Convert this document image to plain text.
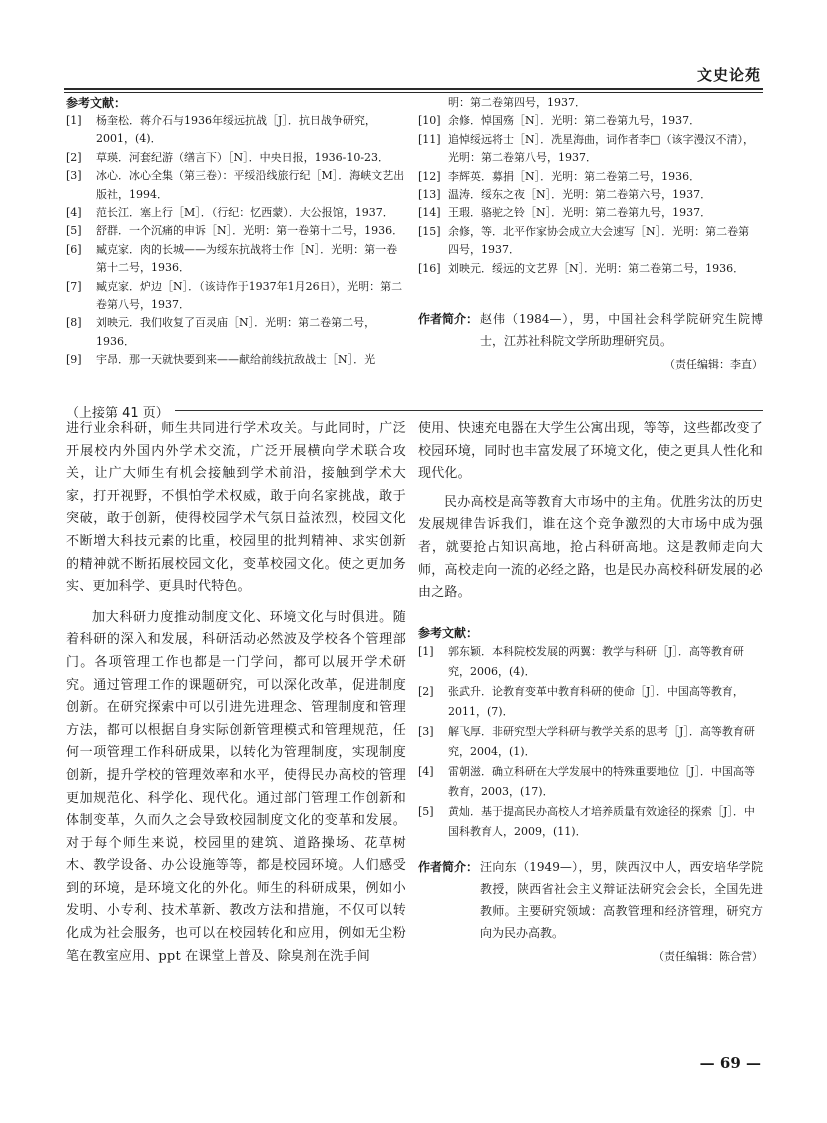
文史论苑
参考文献：
[1] 杨奎松．蒋介石与1936年绥远抗战［J］．抗日战争研究，2001，(4)．
[2] 草瑛．河套纪游（缮言下）［N］．中央日报，1936-10-23．
[3] 冰心．冰心全集（第三卷）：平绥沿线旅行纪［M］．海峡文艺出版社，1994．
[4] 范长江．塞上行［M］．（行纪：忆西蒙）．大公报馆，1937．
[5] 舒群．一个沉痛的申诉［N］．光明：第一卷第十二号，1936．
[6] 臧克家．肉的长城——为绥东抗战将士作［N］．光明：第一卷第十二号，1936．
[7] 臧克家．炉边［N］．（该诗作于1937年1月26日），光明：第二卷第八号，1937．
[8] 刘映元．我们收复了百灵庙［N］．光明：第二卷第二号，1936．
[9] 宇昂．那一天就快要到来——献给前线抗敌战士［N］．光
明：第二卷第四号，1937．
[10] 余修．悼国殇［N］．光明：第二卷第九号，1937．
[11] 追悼绥远将士［N］．冼星海曲，词作者李□（该字漫汉不清），光明：第二卷第八号，1937．
[12] 李辉英．募捐［N］．光明：第二卷第二号，1936．
[13] 温涛．绥东之夜［N］．光明：第二卷第六号，1937．
[14] 王瑕．骆驼之铃［N］．光明：第二卷第九号，1937．
[15] 余修，等．北平作家协会成立大会速写［N］．光明：第二卷第四号，1937．
[16] 刘映元．绥远的文艺界［N］．光明：第二卷第二号，1936．
作者简介： 赵伟（1984—），男，中国社会科学院研究生院博士，江苏社科院文学所助理研究员。
（责任编辑：李直）
（上接第 41 页）

进行业余科研，师生共同进行学术攻关。与此同时，广泛开展校内外国内外学术交流，广泛开展横向学术联合攻关，让广大师生有机会接触到学术前沿，接触到学术大家，打开视野，不惧怕学术权威，敢于向名家挑战，敢于突破，敢于创新，使得校园学术气氛日益浓烈，校园文化不断增大科技元素的比重，校园里的批判精神、求实创新的精神就不断拓展校园文化，变革校园文化。使之更加务实、更加科学、更具时代特色。

加大科研力度推动制度文化、环境文化与时俱进。随着科研的深入和发展，科研活动必然波及学校各个管理部门。各项管理工作也都是一门学问，都可以展开学术研究。通过管理工作的课题研究，可以深化改革，促进制度创新。在研究探索中可以引进先进理念、管理制度和管理方法，都可以根据自身实际创新管理模式和管理规范，任何一项管理工作科研成果，以转化为管理制度，实现制度创新，提升学校的管理效率和水平，使得民办高校的管理更加规范化、科学化、现代化。通过部门管理工作创新和体制变革，久而久之会导致校园制度文化的变革和发展。对于每个师生来说，校园里的建筑、道路操场、花草树木、教学设备、办公设施等等，都是校园环境。人们感受到的环境，是环境文化的外化。师生的科研成果，例如小发明、小专利、技术革新、教改方法和措施，不仅可以转化成为社会服务，也可以在校园转化和应用，例如无尘粉笔在教室应用、ppt 在课堂上普及、除臭剂在洗手间

使用、快速充电器在大学生公寓出现，等等，这些都改变了校园环境，同时也丰富发展了环境文化，使之更具人性化和现代化。

民办高校是高等教育大市场中的主角。优胜劣汰的历史发展规律告诉我们，谁在这个竞争激烈的大市场中成为强者，就要抢占知识高地，抢占科研高地。这是教师走向大师，高校走向一流的必经之路，也是民办高校科研发展的必由之路。

参考文献：
[1] 郭东颖．本科院校发展的两翼：教学与科研［J］．高等教育研究，2006，(4)．
[2] 张武升．论教育变革中教育科研的使命［J］．中国高等教育，2011，(7)．
[3] 解飞厚．非研究型大学科研与教学关系的思考［J］．高等教育研究，2004，(1)．
[4] 雷朝滋．确立科研在大学发展中的特殊重要地位［J］．中国高等教育，2003，(17)．
[5] 黄灿．基于提高民办高校人才培养质量有效途径的探索［J］．中国科教育人，2009，(11)．
作者简介： 汪向东（1949—），男，陕西汉中人，西安培华学院教授，陕西省社会主义辩证法研究会会长，全国先进教师。主要研究领域：高教管理和经济管理，研究方向为民办高教。
（责任编辑：陈合营）
— 69 —
